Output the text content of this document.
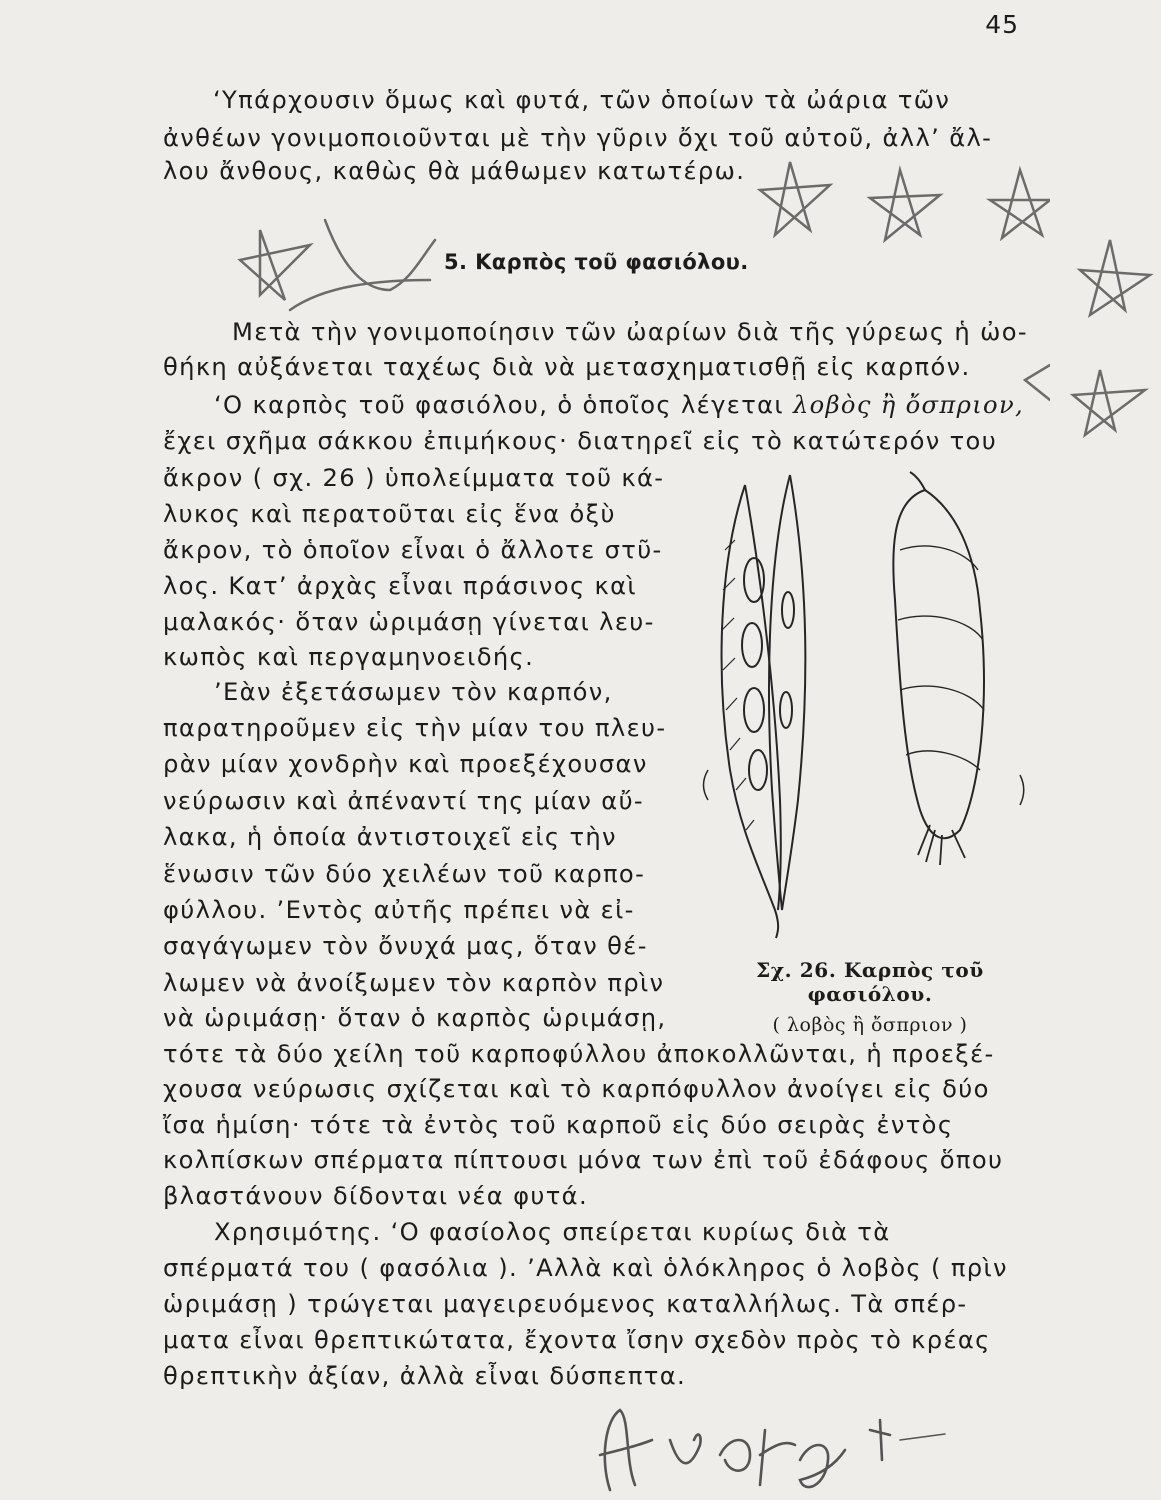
45
‘Υπάρχουσιν ὅμως καὶ φυτά, τῶν ὁποίων τὰ ὠάρια τῶν
ἀνθέων γονιμοποιοῦνται μὲ τὴν γῦριν ὄχι τοῦ αὐτοῦ, ἀλλ’ ἄλ-
λου ἄνθους, καθὼς θὰ μάθωμεν κατωτέρω.
5. Καρπὸς τοῦ φασιόλου.
Μετὰ τὴν γονιμοποίησιν τῶν ὠαρίων διὰ τῆς γύρεως ἡ ὠο-
θήκη αὐξάνεται ταχέως διὰ νὰ μετασχηματισθῇ εἰς καρπόν.
‘Ο καρπὸς τοῦ φασιόλου, ὁ ὁποῖος λέγεται λοβὸς ἢ ὄσπριον,
ἔχει σχῆμα σάκκου ἐπιμήκους· διατηρεῖ εἰς τὸ κατώτερόν του
ἄκρον ( σχ. 26 ) ὑπολείμματα τοῦ κά-
λυκος καὶ περατοῦται εἰς ἕνα ὀξὺ
ἄκρον, τὸ ὁποῖον εἶναι ὁ ἄλλοτε στῦ-
λος. Κατ’ ἀρχὰς εἶναι πράσινος καὶ
μαλακός· ὅταν ὡριμάσῃ γίνεται λευ-
κωπὸς καὶ περγαμηνοειδής.
’Εὰν ἐξετάσωμεν τὸν καρπόν,
παρατηροῦμεν εἰς τὴν μίαν του πλευ-
ρὰν μίαν χονδρὴν καὶ προεξέχουσαν
νεύρωσιν καὶ ἀπέναντί της μίαν αὔ-
λακα, ἡ ὁποία ἀντιστοιχεῖ εἰς τὴν
ἕνωσιν τῶν δύο χειλέων τοῦ καρπο-
φύλλου. ’Εντὸς αὐτῆς πρέπει νὰ εἰ-
σαγάγωμεν τὸν ὄνυχά μας, ὅταν θέ-
λωμεν νὰ ἀνοίξωμεν τὸν καρπὸν πρὶν
νὰ ὡριμάσῃ· ὅταν ὁ καρπὸς ὡριμάσῃ,
τότε τὰ δύο χείλη τοῦ καρποφύλλου ἀποκολλῶνται, ἡ προεξέ-
χουσα νεύρωσις σχίζεται καὶ τὸ καρπόφυλλον ἀνοίγει εἰς δύο
ἴσα ἡμίση· τότε τὰ ἐντὸς τοῦ καρποῦ εἰς δύο σειρὰς ἐντὸς
κολπίσκων σπέρματα πίπτουσι μόνα των ἐπὶ τοῦ ἐδάφους ὅπου
βλαστάνουν δίδονται νέα φυτά.
Χρησιμότης. ‘Ο φασίολος σπείρεται κυρίως διὰ τὰ
σπέρματά του ( φασόλια ). ’Αλλὰ καὶ ὁλόκληρος ὁ λοβὸς ( πρὶν
ὡριμάσῃ ) τρώγεται μαγειρευόμενος καταλλήλως. Τὰ σπέρ-
ματα εἶναι θρεπτικώτατα, ἔχοντα ἴσην σχεδὸν πρὸς τὸ κρέας
θρεπτικὴν ἀξίαν, ἀλλὰ εἶναι δύσπεπτα.
Σχ. 26. Καρπὸς τοῦ φασιόλου.
( λοβὸς ἢ ὄσπριον )
